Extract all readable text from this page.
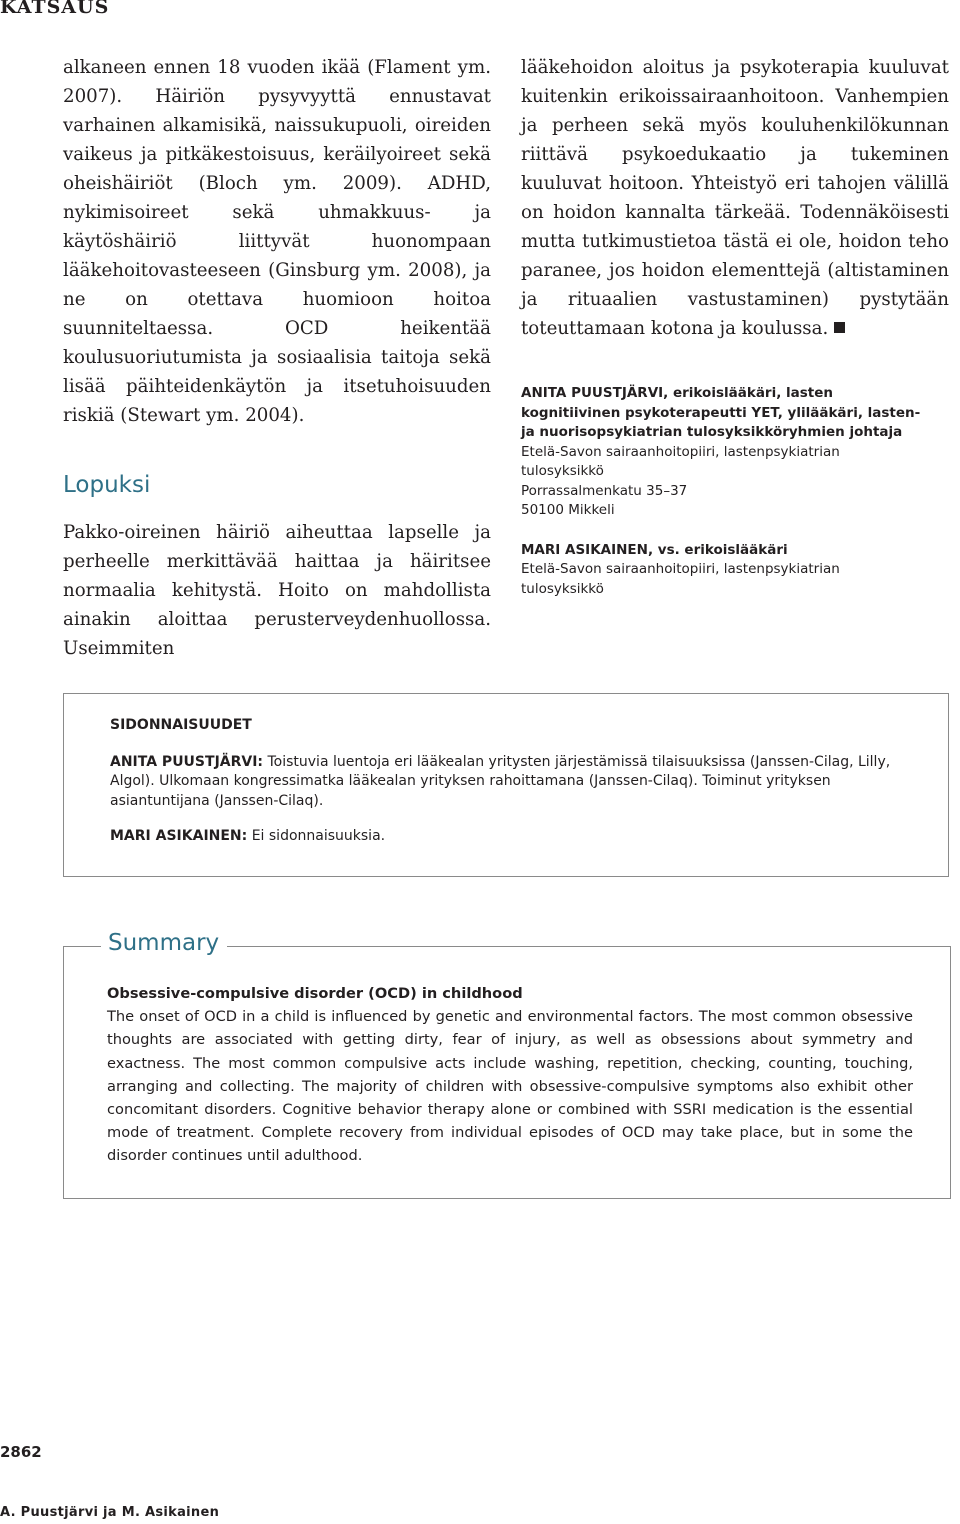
KATSAUS

alkaneen ennen 18 vuoden ikää (Flament ym. 2007). Häiriön pysyvyyttä ennustavat varhainen alkamisikä, naissukupuoli, oireiden vaikeus ja pitkäkestoisuus, keräilyoireet sekä oheishäiriöt (Bloch ym. 2009). ADHD, nykimisoireet sekä uhmakkuus- ja käytöshäiriö liittyvät huonompaan lääkehoitovasteeseen (Ginsburg ym. 2008), ja ne on otettava huomioon hoitoa suunniteltaessa. OCD heikentää koulusuoriutumista ja sosiaalisia taitoja sekä lisää päihteidenkäytön ja itsetuhoisuuden riskiä (Stewart ym. 2004).

Lopuksi

Pakko-oireinen häiriö aiheuttaa lapselle ja perheelle merkittävää haittaa ja häiritsee normaalia kehitystä. Hoito on mahdollista ainakin aloittaa perusterveydenhuollossa. Useimmiten

lääkehoidon aloitus ja psykoterapia kuuluvat kuitenkin erikoissairaanhoitoon. Vanhempien ja perheen sekä myös kouluhenkilökunnan riittävä psykoedukaatio ja tukeminen kuuluvat hoitoon. Yhteistyö eri tahojen välillä on hoidon kannalta tärkeää. Todennäköisesti mutta tutkimustietoa tästä ei ole, hoidon teho paranee, jos hoidon elementtejä (altistaminen ja rituaalien vastustaminen) pystytään toteuttamaan kotona ja koulussa.

ANITA PUUSTJÄRVI, erikoislääkäri, lasten kognitiivinen psykoterapeutti YET, ylilääkäri, lasten- ja nuorisopsykiatrian tulosyksikköryhmien johtaja

Etelä-Savon sairaanhoitopiiri, lastenpsykiatrian tulosyksikkö

Porrassalmenkatu 35–37

50100 Mikkeli

MARI ASIKAINEN, vs. erikoislääkäri

Etelä-Savon sairaanhoitopiiri, lastenpsykiatrian tulosyksikkö

SIDONNAISUUDET

ANITA PUUSTJÄRVI: Toistuvia luentoja eri lääkealan yritysten järjestämissä tilaisuuksissa (Janssen-Cilag, Lilly, Algol). Ulkomaan kongressimatka lääkealan yrityksen rahoittamana (Janssen-Cilaq). Toiminut yrityksen asiantuntijana (Janssen-Cilaq).

MARI ASIKAINEN: Ei sidonnaisuuksia.

Summary

Obsessive-compulsive disorder (OCD) in childhood

The onset of OCD in a child is influenced by genetic and environmental factors. The most common obsessive thoughts are associated with getting dirty, fear of injury, as well as obsessions about symmetry and exactness. The most common compulsive acts include washing, repetition, checking, counting, touching, arranging and collecting. The majority of children with obsessive-compulsive symptoms also exhibit other concomitant disorders. Cognitive behavior therapy alone or combined with SSRI medication is the essential mode of treatment. Complete recovery from individual episodes of OCD may take place, but in some the disorder continues until adulthood.

2862
A. Puustjärvi ja M. Asikainen
